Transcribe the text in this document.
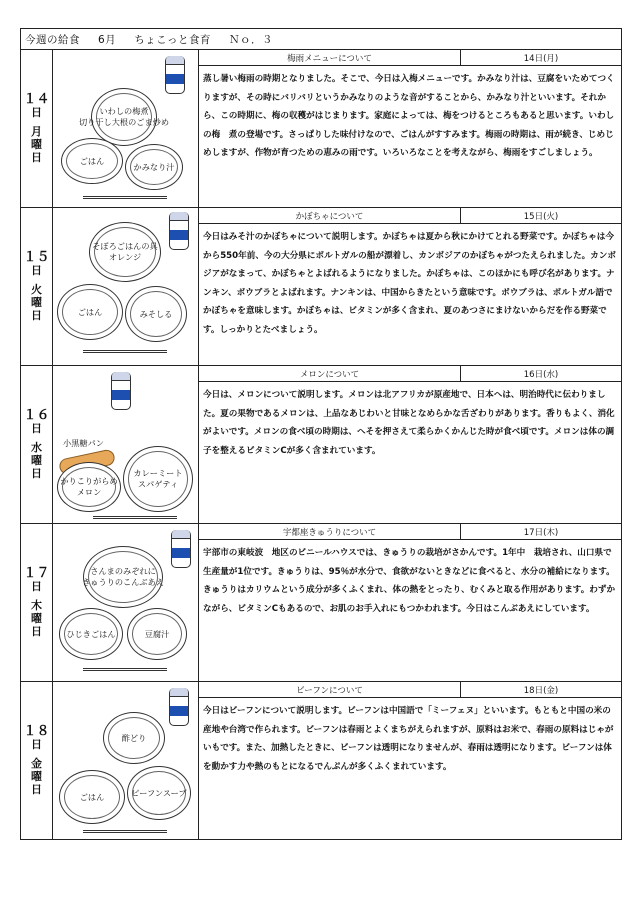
今週の給食 6月 ちょこっと食育 Ｎｏ．３
１４
日
月
曜
日
いわしの梅煮
切り干し大根のごま炒め
ごはん
かみなり汁
梅雨メニューについて	14日(月)
蒸し暑い梅雨の時期となりました。そこで、今日は入梅メニューです。かみなり汁は、豆腐をいためてつくりますが、その時にバリバリというかみなりのような音がすることから、かみなり汁といいます。それから、この時期に、梅の収穫がはじまります。家庭によっては、梅をつけるところもあると思います。いわしの梅　煮の登場です。さっぱりした味付けなので、ごはんがすすみます。梅雨の時期は、雨が続き、じめじめしますが、作物が育つための恵みの雨です。いろいろなことを考えながら、梅雨をすごしましょう。
１５
日
火
曜
日
そぼろごはんの具
オレンジ
ごはん	みそしる
かぼちゃについて	15日(火)
今日はみそ汁のかぼちゃについて説明します。かぼちゃは夏から秋にかけてとれる野菜です。かぼちゃは今から550年前、今の大分県にポルトガルの船が漂着し、カンボジアのかぼちゃがつたえられました。カンボジアがなまって、かぼちゃとよばれるようになりました。かぼちゃは、このほかにも呼び名があります。ナンキン、ボウブラとよばれます。ナンキンは、中国からきたという意味です。ボウブラは、ポルトガル語でかぼちゃを意味します。かぼちゃは、ビタミンが多く含まれ、夏のあつさにまけないからだを作る野菜です。しっかりとたべましょう。
１６
日
水
曜
日
小黒糖パン
かりこりがらめ
メロン
カレーミート
スパゲティ
メロンについて	16日(水)
今日は、メロンについて説明します。メロンは北アフリカが原産地で、日本へは、明治時代に伝わりました。夏の果物であるメロンは、上品なあじわいと甘味となめらかな舌ざわりがあります。香りもよく、消化がよいです。メロンの食べ頃の時期は、へそを押さえて柔らかくかんじた時が食べ頃です。メロンは体の調子を整えるビタミンCが多く含まれています。
１７
日
木
曜
日
さんまのみぞれに
きゅうりのこんぶあえ
ひじきごはん	豆腐汁
宇都座きゅうりについて	17日(木)
宇部市の東岐波　地区のビニールハウスでは、きゅうりの栽培がさかんです。1年中　栽培され、山口県で生産量が1位です。きゅうりは、95％が水分で、食欲がないときなどに食べると、水分の補給になります。きゅうりはカリウムという成分が多くふくまれ、体の熱をとったり、むくみと取る作用があります。わずかながら、ビタミンCもあるので、お肌のお手入れにもつかわれます。今日はこんぶあえにしています。
１８
日
金
曜
日
酢どり
ごはん	ビーフンスープ
ビーフンについて	18日(金)
今日はビーフンについて説明します。ビーフンは中国語で「ミーフェヌ」といいます。もともと中国の米の産地や台湾で作られます。ビーフンは春雨とよくまちがえられますが、原料はお米で、春雨の原料はじゃがいもです。また、加熱したときに、ビーフンは透明になりませんが、春雨は透明になります。ビーフンは体を動かす力や熱のもとになるでんぷんが多くふくまれています。
